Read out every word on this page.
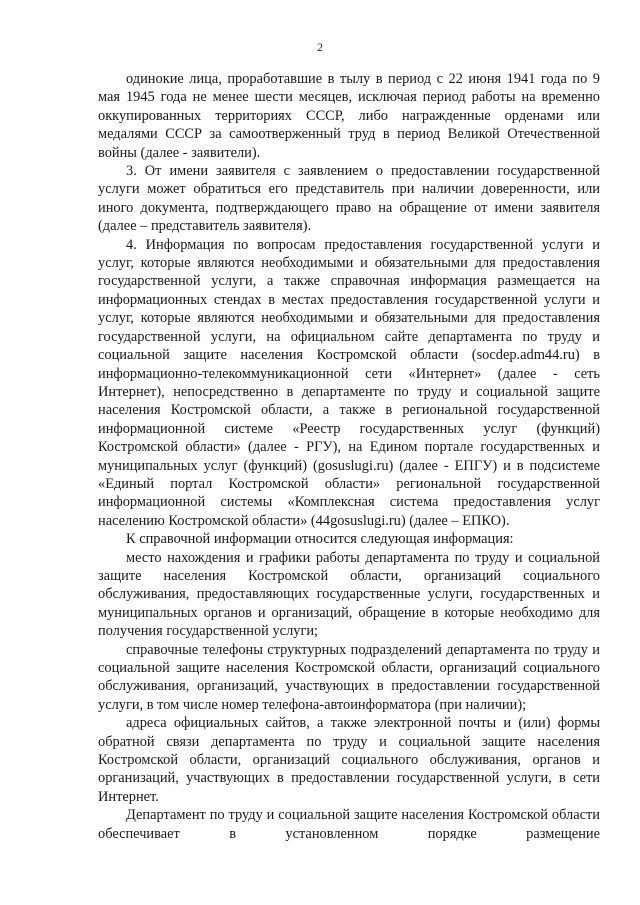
2

одинокие лица, проработавшие в тылу в период с 22 июня 1941 года по 9 мая 1945 года не менее шести месяцев, исключая период работы на временно оккупированных территориях СССР, либо награжденные орденами или медалями СССР за самоотверженный труд в период Великой Отечественной войны (далее - заявители).

3. От имени заявителя с заявлением о предоставлении государственной услуги может обратиться его представитель при наличии доверенности, или иного документа, подтверждающего право на обращение от имени заявителя (далее – представитель заявителя).

4. Информация по вопросам предоставления государственной услуги и услуг, которые являются необходимыми и обязательными для предоставления государственной услуги, а также справочная информация размещается на информационных стендах в местах предоставления государственной услуги и услуг, которые являются необходимыми и обязательными для предоставления государственной услуги, на официальном сайте департамента по труду и социальной защите населения Костромской области (socdep.adm44.ru) в информационно-телекоммуникационной сети «Интернет» (далее - сеть Интернет), непосредственно в департаменте по труду и социальной защите населения Костромской области, а также в региональной государственной информационной системе «Реестр государственных услуг (функций) Костромской области» (далее - РГУ), на Едином портале государственных и муниципальных услуг (функций) (gosuslugi.ru) (далее - ЕПГУ) и в подсистеме «Единый портал Костромской области» региональной государственной информационной системы «Комплексная система предоставления услуг населению Костромской области» (44gosuslugi.ru) (далее – ЕПКО).

К справочной информации относится следующая информация:

место нахождения и графики работы департамента по труду и социальной защите населения Костромской области, организаций социального обслуживания, предоставляющих государственные услуги, государственных и муниципальных органов и организаций, обращение в которые необходимо для получения государственной услуги;

справочные телефоны структурных подразделений департамента по труду и социальной защите населения Костромской области, организаций социального обслуживания, организаций, участвующих в предоставлении государственной услуги, в том числе номер телефона-автоинформатора (при наличии);

адреса официальных сайтов, а также электронной почты и (или) формы обратной связи департамента по труду и социальной защите населения Костромской области, организаций социального обслуживания, органов и организаций, участвующих в предоставлении государственной услуги, в сети Интернет.

Департамент по труду и социальной защите населения Костромской области обеспечивает в установленном порядке размещение
